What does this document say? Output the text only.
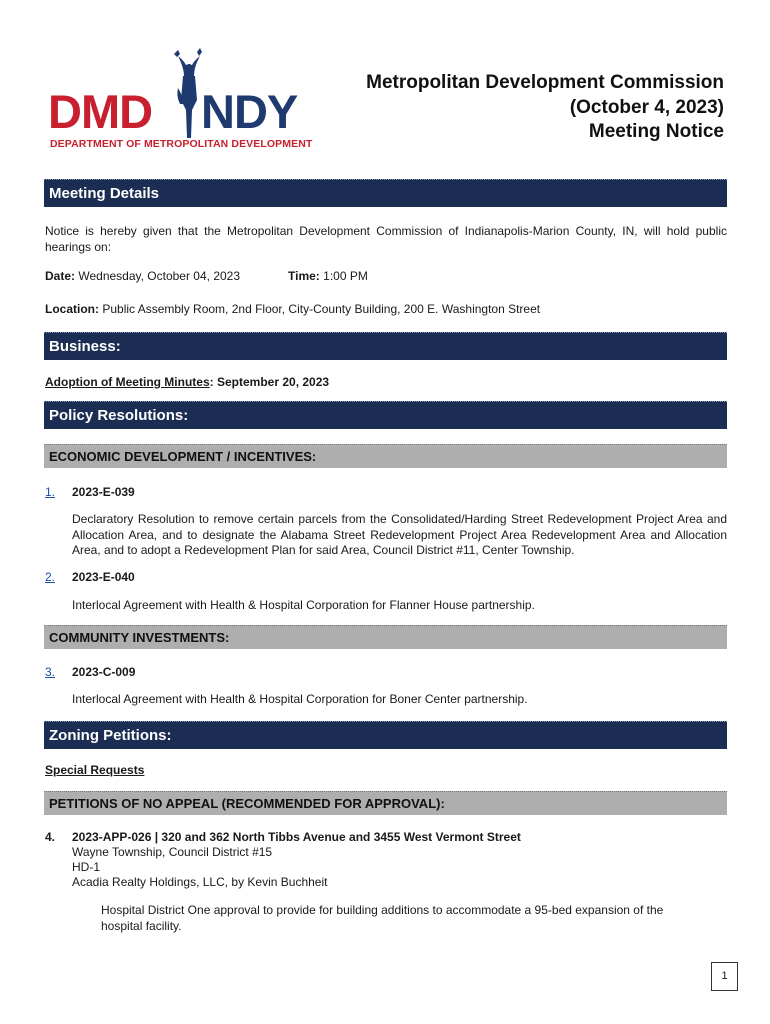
DMD NDY
DEPARTMENT OF METROPOLITAN DEVELOPMENT
Metropolitan Development Commission
(October 4, 2023)
Meeting Notice
Meeting Details
Notice is hereby given that the Metropolitan Development Commission of Indianapolis-Marion County, IN, will hold public hearings on:
Date: Wednesday, October 04, 2023	Time: 1:00 PM
Location: Public Assembly Room, 2nd Floor, City-County Building, 200 E. Washington Street
Business:
Adoption of Meeting Minutes: September 20, 2023
Policy Resolutions:
ECONOMIC DEVELOPMENT / INCENTIVES:
1. 2023-E-039
Declaratory Resolution to remove certain parcels from the Consolidated/Harding Street Redevelopment Project Area and Allocation Area, and to designate the Alabama Street Redevelopment Project Area Redevelopment Area and Allocation Area, and to adopt a Redevelopment Plan for said Area, Council District #11, Center Township.
2. 2023-E-040
Interlocal Agreement with Health & Hospital Corporation for Flanner House partnership.
COMMUNITY INVESTMENTS:
3. 2023-C-009
Interlocal Agreement with Health & Hospital Corporation for Boner Center partnership.
Zoning Petitions:
Special Requests
PETITIONS OF NO APPEAL (RECOMMENDED FOR APPROVAL):
4. 2023-APP-026 | 320 and 362 North Tibbs Avenue and 3455 West Vermont Street
Wayne Township, Council District #15
HD-1
Acadia Realty Holdings, LLC, by Kevin Buchheit
Hospital District One approval to provide for building additions to accommodate a 95-bed expansion of the hospital facility.
1
